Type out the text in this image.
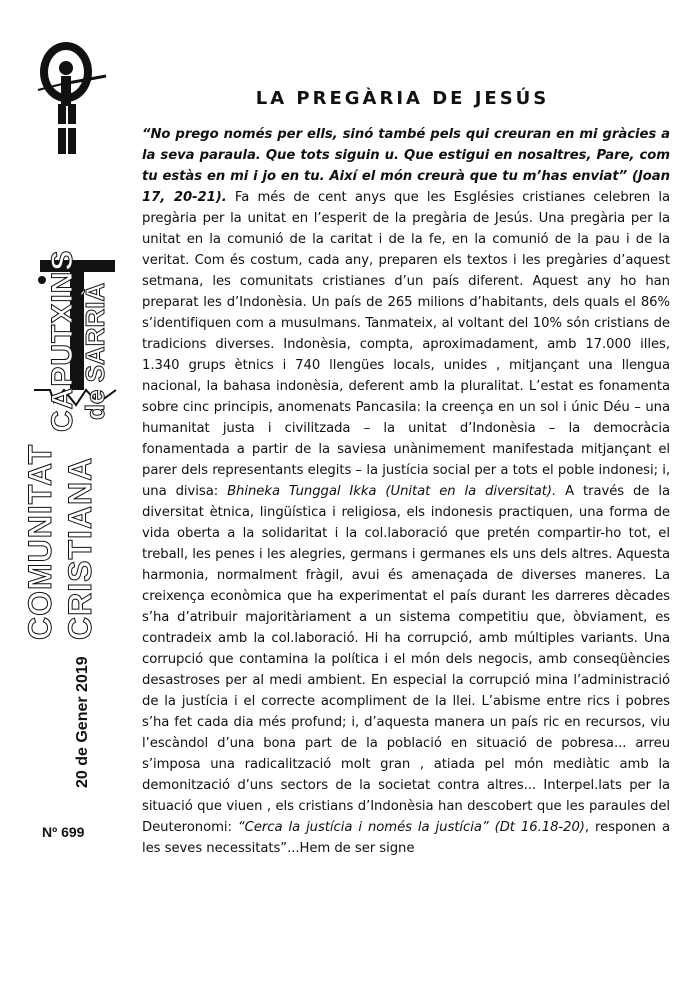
CAPUTXINS de SARRIÀ
COMUNITAT CRISTIANA
20 de Gener 2019
Nº 699
LA PREGÀRIA DE JESÚS

“No prego només per ells, sinó també pels qui creuran en mi gràcies a la seva paraula. Que tots siguin u. Que estigui en nosaltres, Pare, com tu estàs en mi i jo en tu. Així el món creurà que tu m’has enviat” (Joan 17, 20-21). Fa més de cent anys que les Esglésies cristianes celebren la pregària per la unitat en l’esperit de la pregària de Jesús. Una pregària per la unitat en la comunió de la caritat i de la fe, en la comunió de la pau i de la veritat. Com és costum, cada any, preparen els textos i les pregàries d’aquest setmana, les comunitats cristianes d’un país diferent. Aquest any ho han preparat les d’Indonèsia. Un país de 265 milions d’habitants, dels quals el 86% s’identifiquen com a musulmans. Tanmateix, al voltant del 10% són cristians de tradicions diverses. Indonèsia, compta, aproximadament, amb 17.000 illes, 1.340 grups ètnics i 740 llengües locals, unides , mitjançant una llengua nacional, la bahasa indonèsia, deferent amb la pluralitat. L’estat es fonamenta sobre cinc principis, anomenats Pancasila: la creença en un sol i únic Déu – una humanitat justa i civilitzada – la unitat d’Indonèsia – la democràcia fonamentada a partir de la saviesa unànimement manifestada mitjançant el parer dels representants elegits – la justícia social per a tots el poble indonesi; i, una divisa: Bhineka Tunggal Ikka (Unitat en la diversitat). A través de la diversitat ètnica, lingüística i religiosa, els indonesis practiquen, una forma de vida oberta a la solidaritat i la col.laboració que pretén compartir-ho tot, el treball, les penes i les alegries, germans i germanes els uns dels altres. Aquesta harmonia, normalment fràgil, avui és amenaçada de diverses maneres. La creixença econòmica que ha experimentat el país durant les darreres dècades s’ha d’atribuir majoritàriament a un sistema competitiu que, òbviament, es contradeix amb la col.laboració. Hi ha corrupció, amb múltiples variants. Una corrupció que contamina la política i el món dels negocis, amb conseqüències desastroses per al medi ambient. En especial la corrupció mina l’administració de la justícia i el correcte acompliment de la llei. L’abisme entre rics i pobres s’ha fet cada dia més profund; i, d’aquesta manera un país ric en recursos, viu l’escàndol d’una bona part de la població en situació de pobresa... arreu s’imposa una radicalització molt gran , atiada pel món mediàtic amb la demonització d’uns sectors de la societat contra altres... Interpel.lats per la situació que viuen , els cristians d’Indonèsia han descobert que les paraules del Deuteronomi: “Cerca la justícia i només la justícia” (Dt 16.18-20), responen a les seves necessitats”...Hem de ser signe
